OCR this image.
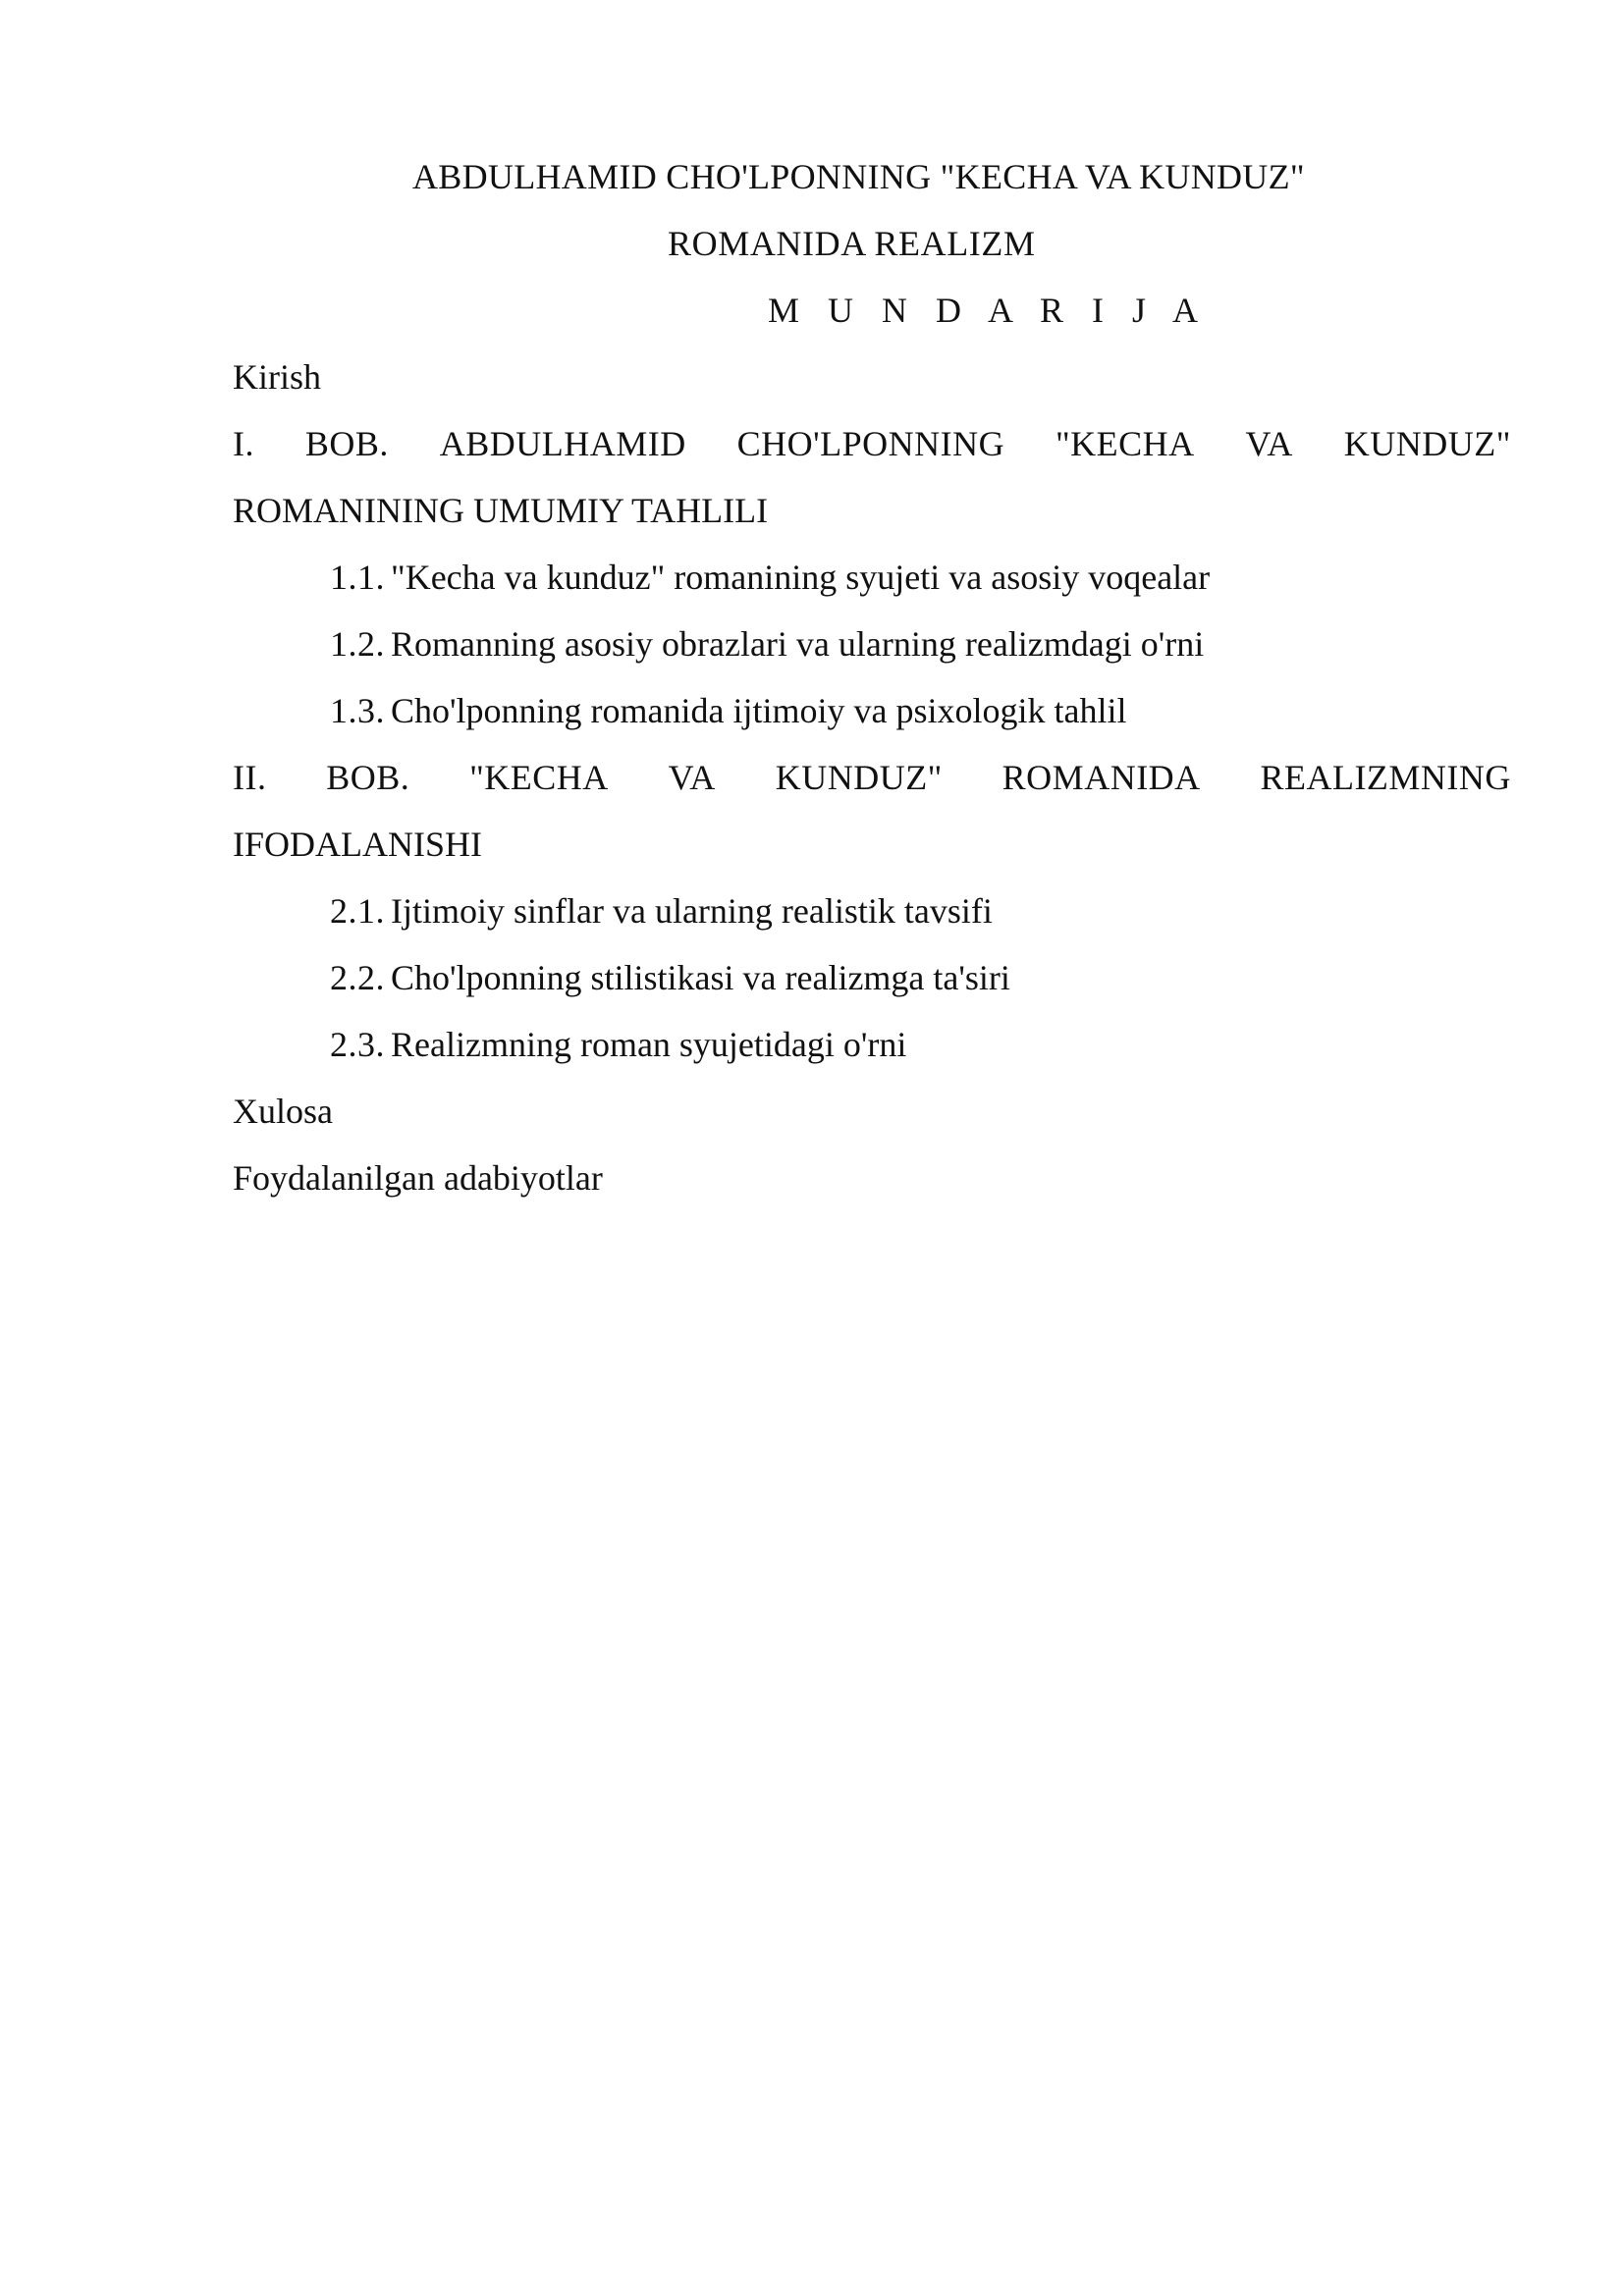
ABDULHAMID CHO'LPONNING "KECHA VA KUNDUZ"
ROMANIDA REALIZM
M U N D A R I J A
Kirish
I. BOB. ABDULHAMID CHO'LPONNING "KECHA VA KUNDUZ"
ROMANINING UMUMIY TAHLILI
1.1. "Kecha va kunduz" romanining syujeti va asosiy voqealar
1.2. Romanning asosiy obrazlari va ularning realizmdagi o'rni
1.3. Cho'lponning romanida ijtimoiy va psixologik tahlil
II. BOB. "KECHA VA KUNDUZ" ROMANIDA REALIZMNING
IFODALANISHI
2.1. Ijtimoiy sinflar va ularning realistik tavsifi
2.2. Cho'lponning stilistikasi va realizmga ta'siri
2.3. Realizmning roman syujetidagi o'rni
Xulosa
Foydalanilgan adabiyotlar
